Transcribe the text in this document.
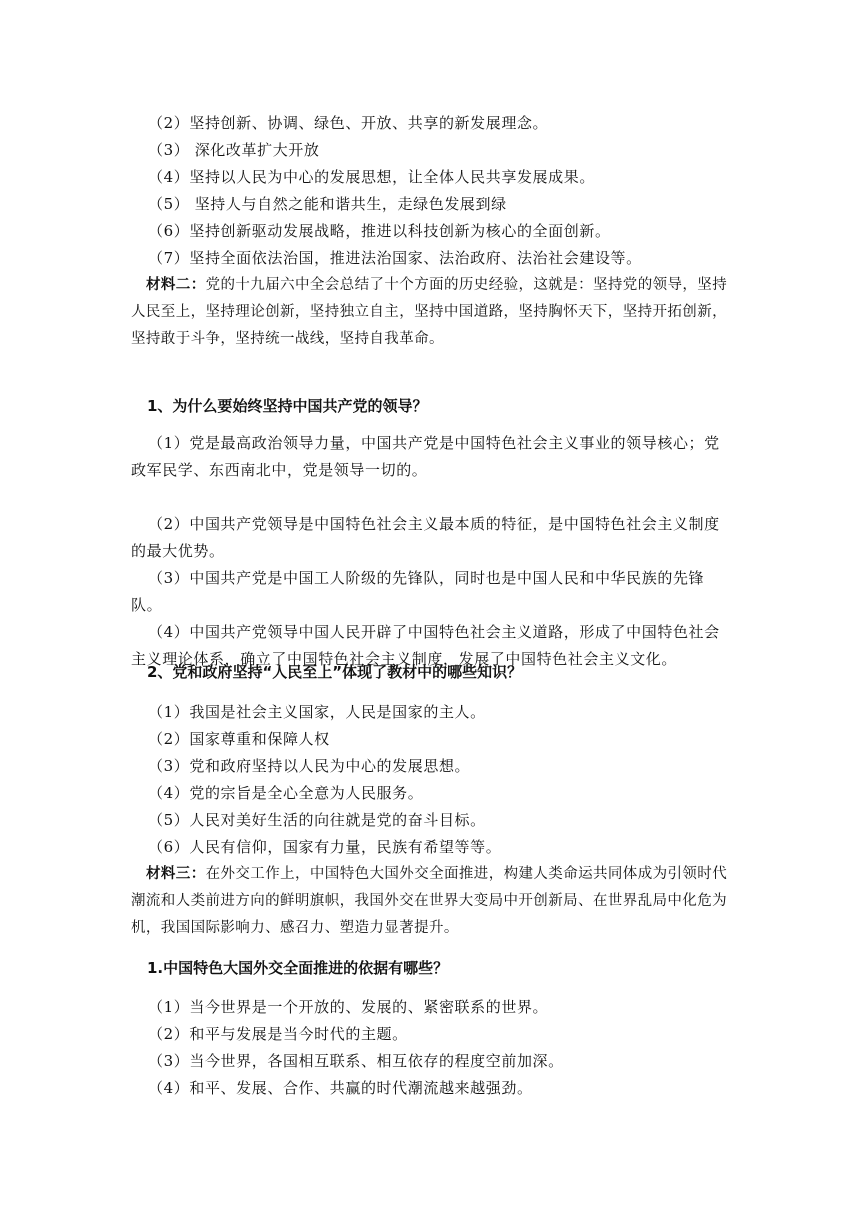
（2）坚持创新、协调、绿色、开放、共享的新发展理念。
（3） 深化改革扩大开放
（4）坚持以人民为中心的发展思想，让全体人民共享发展成果。
（5） 坚持人与自然之能和谐共生，走绿色发展到绿
（6）坚持创新驱动发展战略，推进以科技创新为核心的全面创新。
（7）坚持全面依法治国，推进法治国家、法治政府、法治社会建设等。
材料二：党的十九届六中全会总结了十个方面的历史经验，这就是：坚持党的领导，坚持人民至上，坚持理论创新，坚持独立自主，坚持中国道路，坚持胸怀天下，坚持开拓创新，坚持敢于斗争，坚持统一战线，坚持自我革命。
1、为什么要始终坚持中国共产党的领导？
（1）党是最高政治领导力量，中国共产党是中国特色社会主义事业的领导核心；党政军民学、东西南北中，党是领导一切的。
（2）中国共产党领导是中国特色社会主义最本质的特征，是中国特色社会主义制度的最大优势。
（3）中国共产党是中国工人阶级的先锋队，同时也是中国人民和中华民族的先锋队。
（4）中国共产党领导中国人民开辟了中国特色社会主义道路，形成了中国特色社会主义理论体系，确立了中国特色社会主义制度，发展了中国特色社会主义文化。
2、党和政府坚持“人民至上”体现了教材中的哪些知识？
（1）我国是社会主义国家，人民是国家的主人。
（2）国家尊重和保障人权
（3）党和政府坚持以人民为中心的发展思想。
（4）党的宗旨是全心全意为人民服务。
（5）人民对美好生活的向往就是党的奋斗目标。
（6）人民有信仰，国家有力量，民族有希望等等。
材料三：在外交工作上，中国特色大国外交全面推进，构建人类命运共同体成为引领时代潮流和人类前进方向的鲜明旗帜，我国外交在世界大变局中开创新局、在世界乱局中化危为机，我国国际影响力、感召力、塑造力显著提升。
1.中国特色大国外交全面推进的依据有哪些？
（1）当今世界是一个开放的、发展的、紧密联系的世界。
（2）和平与发展是当今时代的主题。
（3）当今世界，各国相互联系、相互依存的程度空前加深。
（4）和平、发展、合作、共赢的时代潮流越来越强劲。
